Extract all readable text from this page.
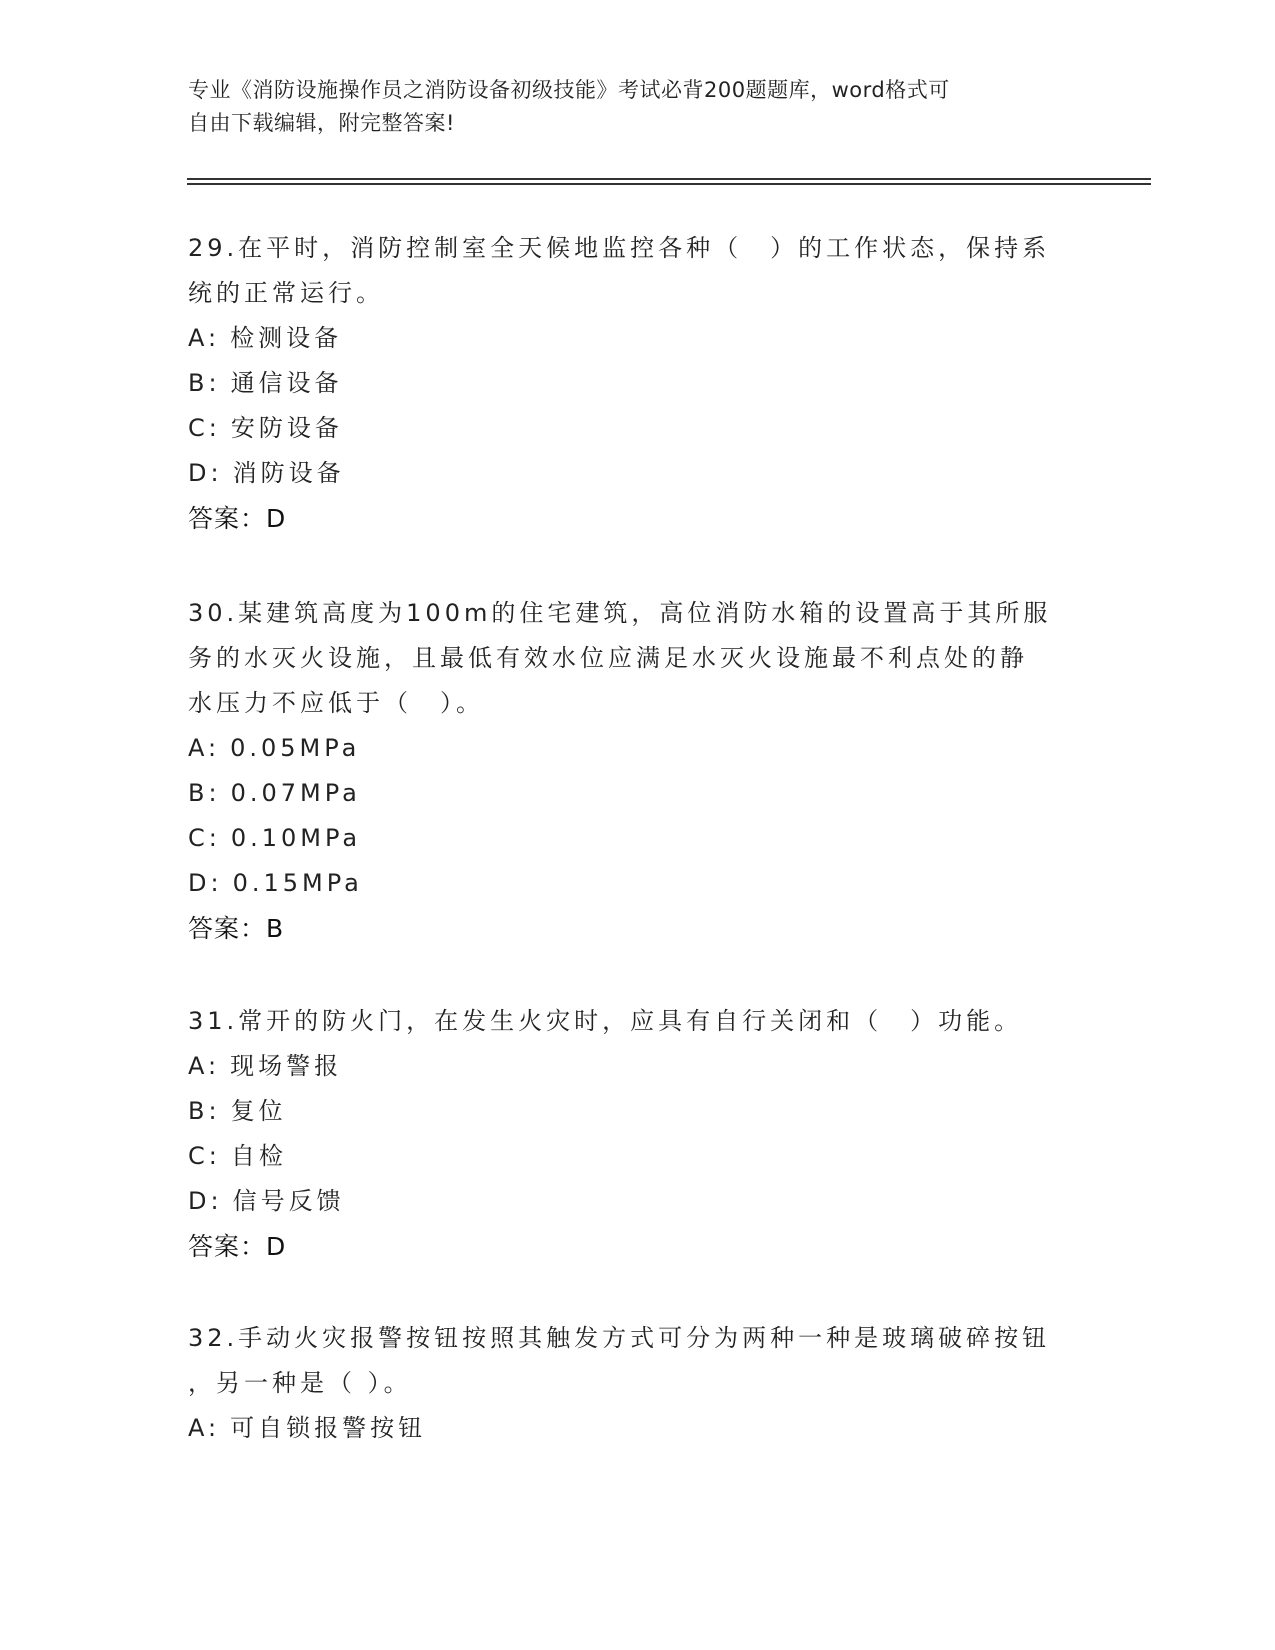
专业《消防设施操作员之消防设备初级技能》考试必背200题题库，word格式可
自由下载编辑，附完整答案!
29.在平时，消防控制室全天候地监控各种（　）的工作状态，保持系
统的正常运行。
A: 检测设备
B: 通信设备
C: 安防设备
D: 消防设备
答案：D
30.某建筑高度为100m的住宅建筑，高位消防水箱的设置高于其所服
务的水灭火设施，且最低有效水位应满足水灭火设施最不利点处的静
水压力不应低于（　）。
A: 0.05MPa
B: 0.07MPa
C: 0.10MPa
D: 0.15MPa
答案：B
31.常开的防火门，在发生火灾时，应具有自行关闭和（　）功能。
A: 现场警报
B: 复位
C: 自检
D: 信号反馈
答案：D
32.手动火灾报警按钮按照其触发方式可分为两种一种是玻璃破碎按钮
，另一种是（ ）。
A: 可自锁报警按钮
